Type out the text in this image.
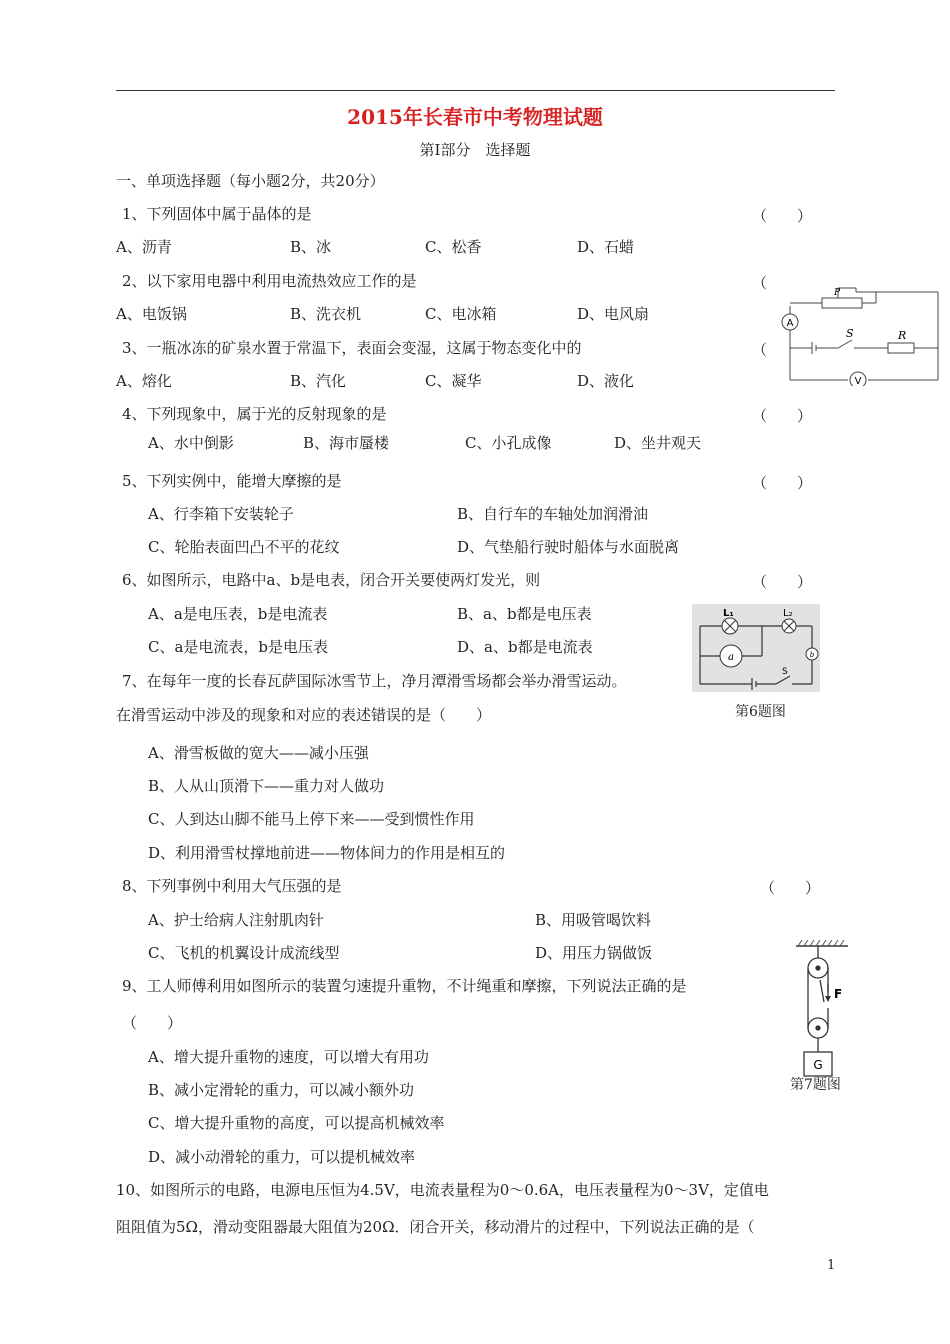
2015年长春市中考物理试题
第Ⅰ部分　选择题
一、单项选择题（每小题2分，共20分）
1、下列固体中属于晶体的是	（　　）
A、沥青	B、冰	C、松香	D、石蜡
2、以下家用电器中利用电流热效应工作的是	（
A、电饭锅	B、洗衣机	C、电冰箱	D、电风扇
3、一瓶冰冻的矿泉水置于常温下，表面会变湿，这属于物态变化中的	（
A、熔化	B、汽化	C、凝华	D、液化
4、下列现象中，属于光的反射现象的是	（　　）
A、水中倒影	B、海市蜃楼	C、小孔成像	D、坐井观天
5、下列实例中，能增大摩擦的是	（　　）
A、行李箱下安装轮子	B、自行车的车轴处加润滑油
C、轮胎表面凹凸不平的花纹	D、气垫船行驶时船体与水面脱离
6、如图所示，电路中a、b是电表，闭合开关要使两灯发光，则	（　　）
A、a是电压表，b是电流表	B、a、b都是电压表
C、a是电流表，b是电压表	D、a、b都是电流表
7、在每年一度的长春瓦萨国际冰雪节上，净月潭滑雪场都会举办滑雪运动。
在滑雪运动中涉及的现象和对应的表述错误的是（　　）
A、滑雪板做的宽大——减小压强
B、人从山顶滑下——重力对人做功
C、人到达山脚不能马上停下来——受到惯性作用
D、利用滑雪杖撑地前进——物体间力的作用是相互的
8、下列事例中利用大气压强的是	（　　）
A、护士给病人注射肌肉针	B、用吸管喝饮料
C、飞机的机翼设计成流线型	D、用压力锅做饭
9、工人师傅利用如图所示的装置匀速提升重物，不计绳重和摩擦，下列说法正确的是
（　　）
A、增大提升重物的速度，可以增大有用功
B、减小定滑轮的重力，可以减小额外功
C、增大提升重物的高度，可以提高机械效率
D、减小动滑轮的重力，可以提机械效率
10、如图所示的电路，电源电压恒为4.5V，电流表量程为0～0.6A，电压表量程为0～3V，定值电
阻阻值为5Ω，滑动变阻器最大阻值为20Ω．闭合开关，移动滑片的过程中，下列说法正确的是（
A
V
P
S	R
L₁	L₂
a	b
S
第6题图
F
G
第7题图
1
